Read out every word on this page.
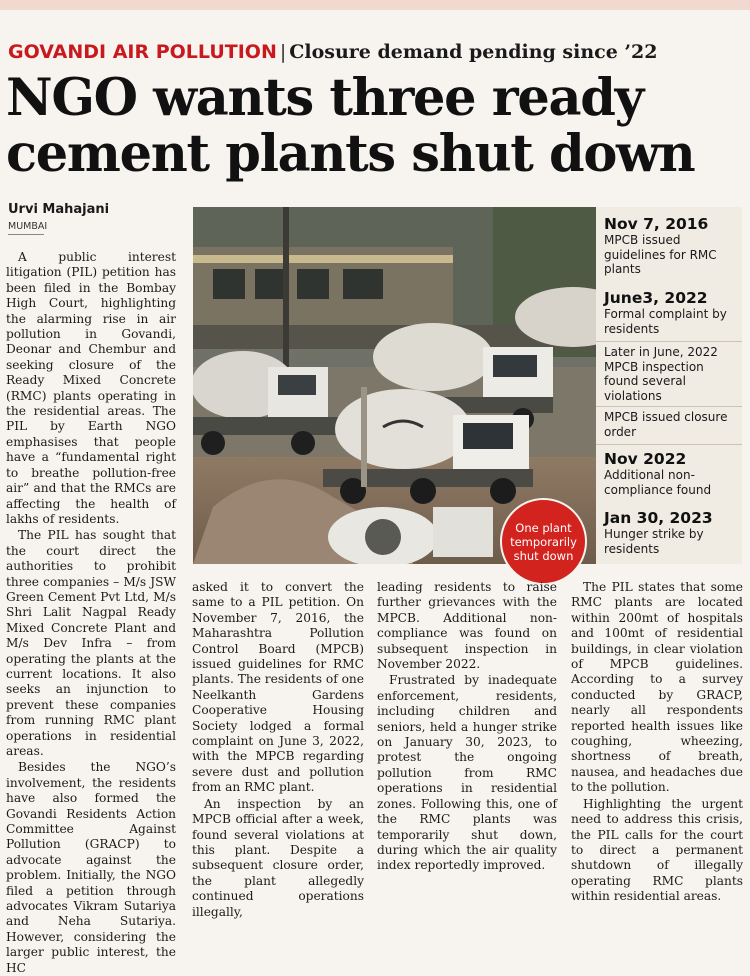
GOVANDI AIR POLLUTION | Closure demand pending since ’22
NGO wants three ready cement plants shut down
Urvi Mahajani
MUMBAI

A public interest litigation (PIL) petition has been filed in the Bombay High Court, highlighting the alarming rise in air pollution in Govandi, Deonar and Chembur and seeking closure of the Ready Mixed Concrete (RMC) plants operating in the residential areas. The PIL by Earth NGO emphasises that people have a “fundamental right to breathe pollution-free air” and that the RMCs are affecting the health of lakhs of residents.

The PIL has sought that the court direct the authorities to prohibit three companies – M/s JSW Green Cement Pvt Ltd, M/s Shri Lalit Nagpal Ready Mixed Concrete Plant and M/s Dev Infra – from operating the plants at the current locations. It also seeks an injunction to prevent these companies from running RMC plant operations in residential areas.

Besides the NGO’s involvement, the residents have also formed the Govandi Residents Action Committee Against Pollution (GRACP) to advocate against the problem. Initially, the NGO filed a petition through advocates Vikram Sutariya and Neha Sutariya. However, considering the larger public interest, the HC

One plant
temporarily
shut down
Nov 7, 2016
MPCB issued guidelines for RMC plants
June3, 2022
Formal complaint by residents
Later in June, 2022 MPCB inspection found several violations
MPCB issued closure order
Nov 2022
Additional non-compliance found
Jan 30, 2023
Hunger strike by residents

asked it to convert the same to a PIL petition. On November 7, 2016, the Maharashtra Pollution Control Board (MPCB) issued guidelines for RMC plants. The residents of one Neelkanth Gardens Cooperative Housing Society lodged a formal complaint on June 3, 2022, with the MPCB regarding severe dust and pollution from an RMC plant.

An inspection by an MPCB official after a week, found several violations at this plant. Despite a subsequent closure order, the plant allegedly continued operations illegally,

leading residents to raise further grievances with the MPCB. Additional non-compliance was found on subsequent inspection in November 2022.

Frustrated by inadequate enforcement, residents, including children and seniors, held a hunger strike on January 30, 2023, to protest the ongoing pollution from RMC operations in residential zones. Following this, one of the RMC plants was temporarily shut down, during which the air quality index reportedly improved.

The PIL states that some RMC plants are located within 200mt of hospitals and 100mt of residential buildings, in clear violation of MPCB guidelines. According to a survey conducted by GRACP, nearly all respondents reported health issues like coughing, wheezing, shortness of breath, nausea, and headaches due to the pollution.

Highlighting the urgent need to address this crisis, the PIL calls for the court to direct a permanent shutdown of illegally operating RMC plants within residential areas.
